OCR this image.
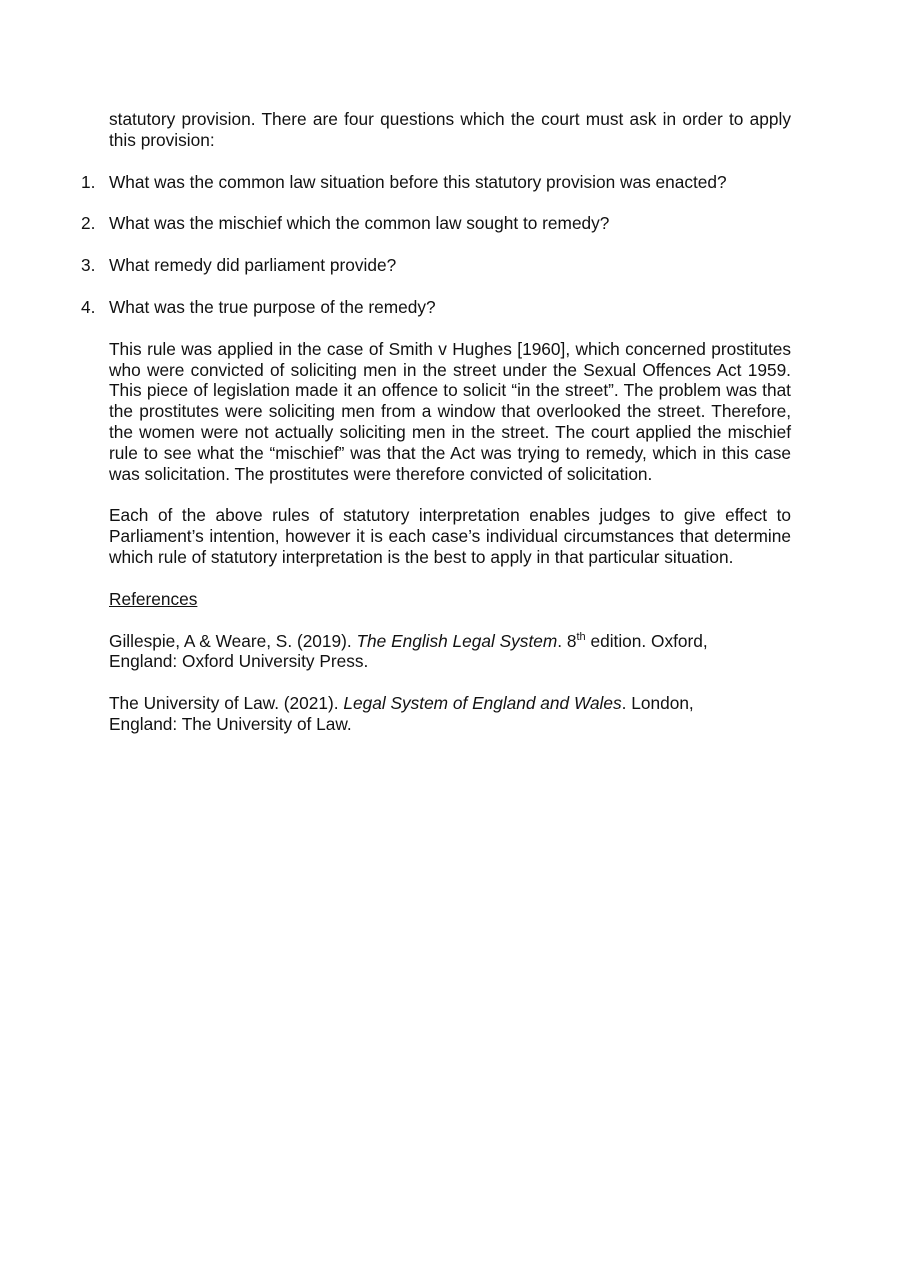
statutory provision. There are four questions which the court must ask in order to apply this provision:

1. What was the common law situation before this statutory provision was enacted?
2. What was the mischief which the common law sought to remedy?
3. What remedy did parliament provide?
4. What was the true purpose of the remedy?

This rule was applied in the case of Smith v Hughes [1960], which concerned prostitutes who were convicted of soliciting men in the street under the Sexual Offences Act 1959. This piece of legislation made it an offence to solicit “in the street”. The problem was that the prostitutes were soliciting men from a window that overlooked the street. Therefore, the women were not actually soliciting men in the street. The court applied the mischief rule to see what the “mischief” was that the Act was trying to remedy, which in this case was solicitation. The prostitutes were therefore convicted of solicitation.

Each of the above rules of statutory interpretation enables judges to give effect to Parliament’s intention, however it is each case’s individual circumstances that determine which rule of statutory interpretation is the best to apply in that particular situation.

References

Gillespie, A & Weare, S. (2019). The English Legal System. 8th edition. Oxford,
England: Oxford University Press.

The University of Law. (2021). Legal System of England and Wales. London,
England: The University of Law.
